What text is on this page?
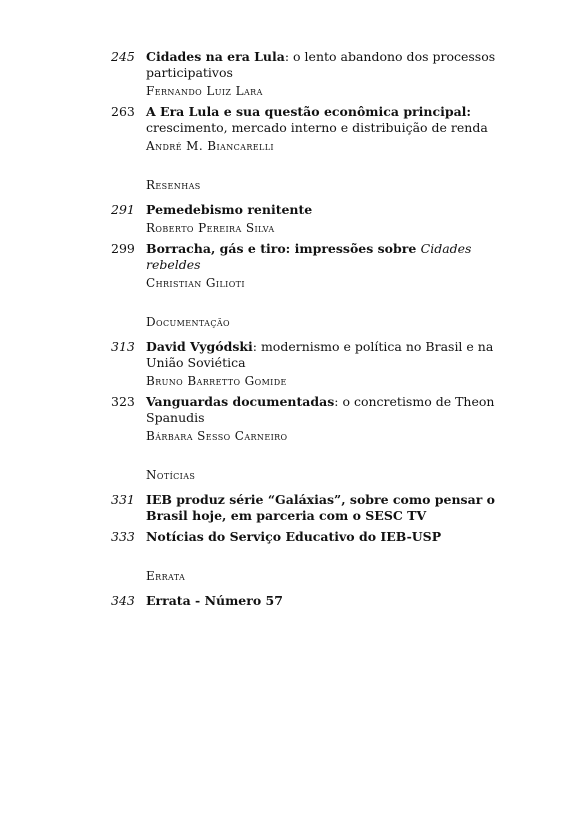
245 Cidades na era Lula: o lento abandono dos processos participativos
Fernando Luiz Lara
263 A Era Lula e sua questão econômica principal: crescimento, mercado interno e distribuição de renda
André M. Biancarelli
Resenhas
291 Pemedebismo renitente
Roberto Pereira Silva
299 Borracha, gás e tiro: impressões sobre Cidades rebeldes
Christian Gilioti
Documentação
313 David Vygódski: modernismo e política no Brasil e na União Soviética
Bruno Barretto Gomide
323 Vanguardas documentadas: o concretismo de Theon Spanudis
Bárbara Sesso Carneiro
Notícias
331 IEB produz série “Galáxias”, sobre como pensar o Brasil hoje, em parceria com o SESC TV
333 Notícias do Serviço Educativo do IEB-USP
Errata
343 Errata - Número 57
